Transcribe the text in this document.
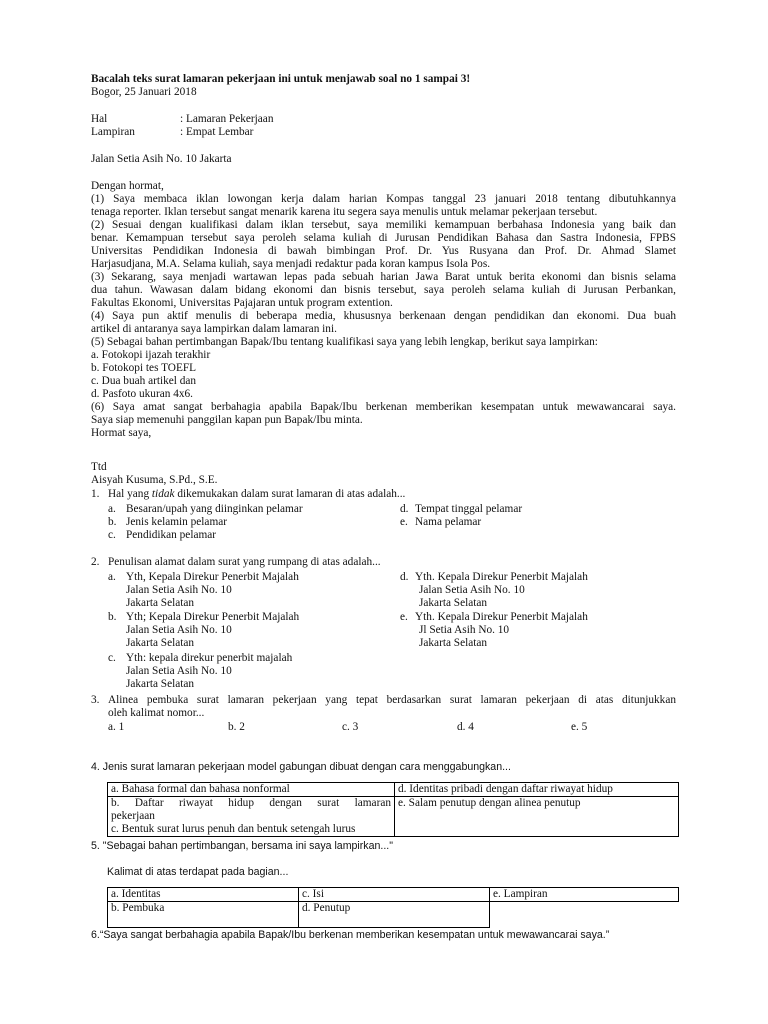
Bacalah teks surat lamaran pekerjaan ini untuk menjawab soal no 1 sampai 3!
Bogor, 25 Januari 2018
Hal	: Lamaran Pekerjaan
Lampiran	: Empat Lembar
Jalan Setia Asih No. 10 Jakarta
Dengan hormat,
(1) Saya membaca iklan lowongan kerja dalam harian Kompas tanggal 23 januari 2018 tentang dibutuhkannya
tenaga reporter. Iklan tersebut sangat menarik karena itu segera saya menulis untuk melamar pekerjaan tersebut.
(2) Sesuai dengan kualifikasi dalam iklan tersebut, saya memiliki kemampuan berbahasa Indonesia yang baik dan
benar. Kemampuan tersebut saya peroleh selama kuliah di Jurusan Pendidikan Bahasa dan Sastra Indonesia, FPBS
Universitas Pendidikan Indonesia di bawah bimbingan Prof. Dr. Yus Rusyana dan Prof. Dr. Ahmad Slamet
Harjasudjana, M.A. Selama kuliah, saya menjadi redaktur pada koran kampus Isola Pos.
(3) Sekarang, saya menjadi wartawan lepas pada sebuah harian Jawa Barat untuk berita ekonomi dan bisnis selama
dua tahun. Wawasan dalam bidang ekonomi dan bisnis tersebut, saya peroleh selama kuliah di Jurusan Perbankan,
Fakultas Ekonomi, Universitas Pajajaran untuk program extention.
(4) Saya pun aktif menulis di beberapa media, khususnya berkenaan dengan pendidikan dan ekonomi. Dua buah
artikel di antaranya saya lampirkan dalam lamaran ini.
(5) Sebagai bahan pertimbangan Bapak/Ibu tentang kualifikasi saya yang lebih lengkap, berikut saya lampirkan:
a. Fotokopi ijazah terakhir
b. Fotokopi tes TOEFL
c. Dua buah artikel dan
d. Pasfoto ukuran 4x6.
(6) Saya amat sangat berbahagia apabila Bapak/Ibu berkenan memberikan kesempatan untuk mewawancarai saya.
Saya siap memenuhi panggilan kapan pun Bapak/Ibu minta.
Hormat saya,
Ttd
Aisyah Kusuma, S.Pd., S.E.
1. Hal yang tidak dikemukakan dalam surat lamaran di atas adalah...
a. Besaran/upah yang diinginkan pelamar
b. Jenis kelamin pelamar
c. Pendidikan pelamar
d. Tempat tinggal pelamar
e. Nama pelamar
2. Penulisan alamat dalam surat yang rumpang di atas adalah...
a. Yth, Kepala Direkur Penerbit Majalah
Jalan Setia Asih No. 10
Jakarta Selatan
b. Yth; Kepala Direkur Penerbit Majalah
Jalan Setia Asih No. 10
Jakarta Selatan
c. Yth: kepala direkur penerbit majalah
Jalan Setia Asih No. 10
Jakarta Selatan
d. Yth. Kepala Direkur Penerbit Majalah
Jalan Setia Asih No. 10
Jakarta Selatan
e. Yth. Kepala Direkur Penerbit Majalah
Jl Setia Asih No. 10
Jakarta Selatan
3. Alinea pembuka surat lamaran pekerjaan yang tepat berdasarkan surat lamaran pekerjaan di atas ditunjukkan
oleh kalimat nomor...
a. 1	b. 2	c. 3	d. 4	e. 5
4. Jenis surat lamaran pekerjaan model gabungan dibuat dengan cara menggabungkan...
a. Bahasa formal dan bahasa nonformal	d. Identitas pribadi dengan daftar riwayat hidup

b. Daftar riwayat hidup dengan surat lamaran
pekerjaan
c. Bentuk surat lurus penuh dan bentuk setengah lurus	e. Salam penutup dengan alinea penutup
5. "Sebagai bahan pertimbangan, bersama ini saya lampirkan..."
Kalimat di atas terdapat pada bagian...
a. Identitas	c. Isi	e. Lampiran
b. Pembuka	d. Penutup	
6.“Saya sangat berbahagia apabila Bapak/Ibu berkenan memberikan kesempatan untuk mewawancarai saya.”
